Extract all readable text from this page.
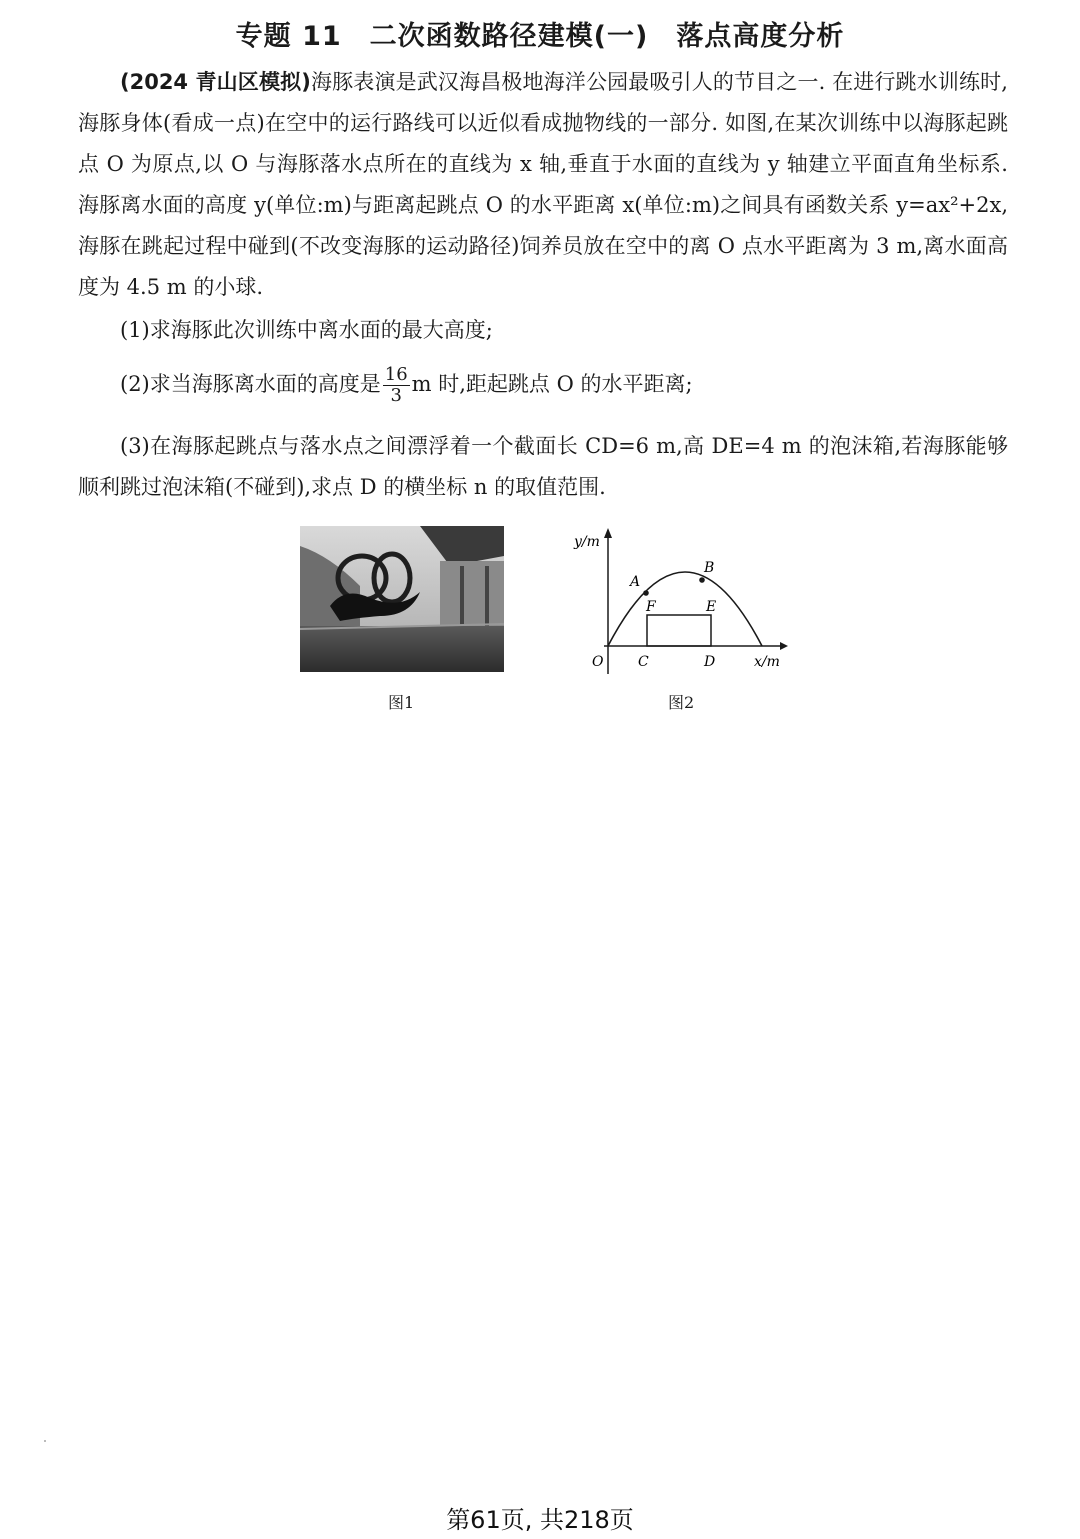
专题 11　二次函数路径建模(一)　落点高度分析
(2024 青山区模拟)海豚表演是武汉海昌极地海洋公园最吸引人的节目之一. 在进行跳水训练时,海豚身体(看成一点)在空中的运行路线可以近似看成抛物线的一部分. 如图,在某次训练中以海豚起跳点 O 为原点,以 O 与海豚落水点所在的直线为 x 轴,垂直于水面的直线为 y 轴建立平面直角坐标系. 海豚离水面的高度 y(单位:m)与距离起跳点 O 的水平距离 x(单位:m)之间具有函数关系 y=ax²+2x,海豚在跳起过程中碰到(不改变海豚的运动路径)饲养员放在空中的离 O 点水平距离为 3 m,离水面高度为 4.5 m 的小球.
(1)求海豚此次训练中离水面的最大高度;
(2)求当海豚离水面的高度是 $\frac{16}{3}$ m 时,距起跳点 O 的水平距离;
(3)在海豚起跳点与落水点之间漂浮着一个截面长 CD=6 m,高 DE=4 m 的泡沫箱,若海豚能够顺利跳过泡沫箱(不碰到),求点 D 的横坐标 n 的取值范围.
图1
y/m
x/m
O
A
B
C	D
E
F
图2
第61页, 共218页
